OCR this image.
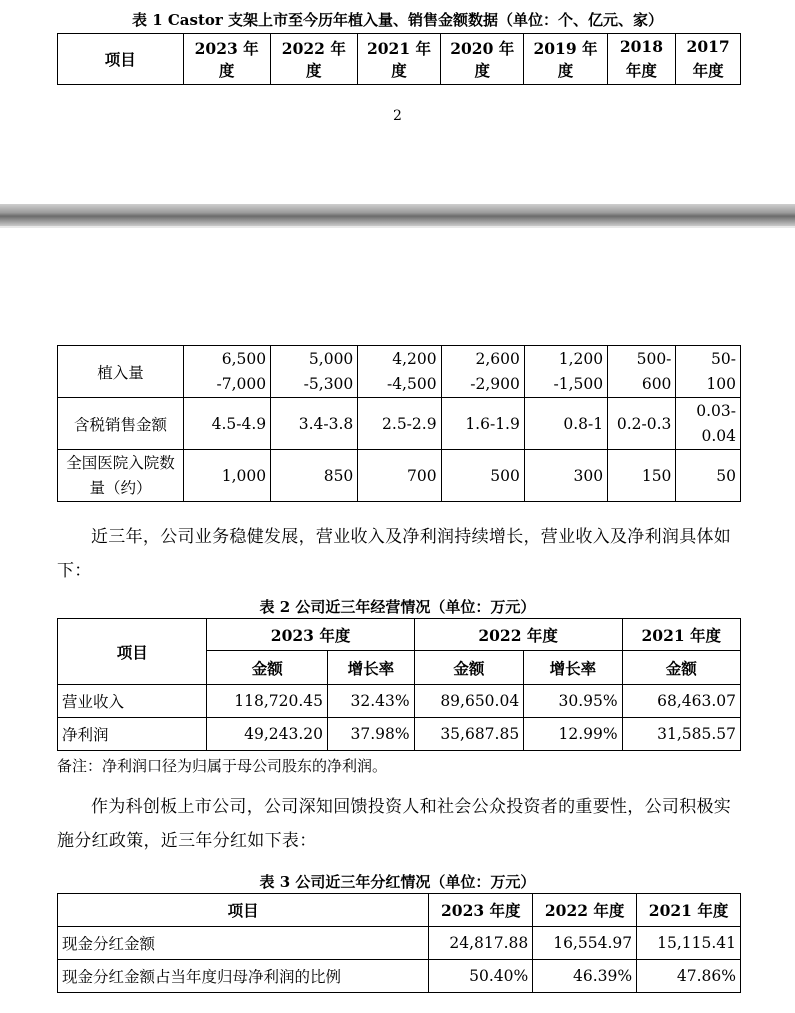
表 1 Castor 支架上市至今历年植入量、销售金额数据（单位：个、亿元、家）
项目	2023 年度	2022 年度	2021 年度	2020 年度	2019 年度	2018 年度	2017 年度
2
植入量	6,500 -7,000	5,000 -5,300	4,200 -4,500	2,600 -2,900	1,200 -1,500	500- 600	50- 100
含税销售金额	4.5-4.9	3.4-3.8	2.5-2.9	1.6-1.9	0.8-1	0.2-0.3	0.03- 0.04
全国医院入院数量（约）	1,000	850	700	500	300	150	50
近三年，公司业务稳健发展，营业收入及净利润持续增长，营业收入及净利润具体如下：
表 2 公司近三年经营情况（单位：万元）
项目	2023 年度		2022 年度		2021 年度
	金额	增长率	金额	增长率	金额
营业收入	118,720.45	32.43%	89,650.04	30.95%	68,463.07
净利润	49,243.20	37.98%	35,687.85	12.99%	31,585.57
备注：净利润口径为归属于母公司股东的净利润。
作为科创板上市公司，公司深知回馈投资人和社会公众投资者的重要性，公司积极实施分红政策，近三年分红如下表：
表 3 公司近三年分红情况（单位：万元）
项目	2023 年度	2022 年度	2021 年度
现金分红金额	24,817.88	16,554.97	15,115.41
现金分红金额占当年度归母净利润的比例	50.40%	46.39%	47.86%
